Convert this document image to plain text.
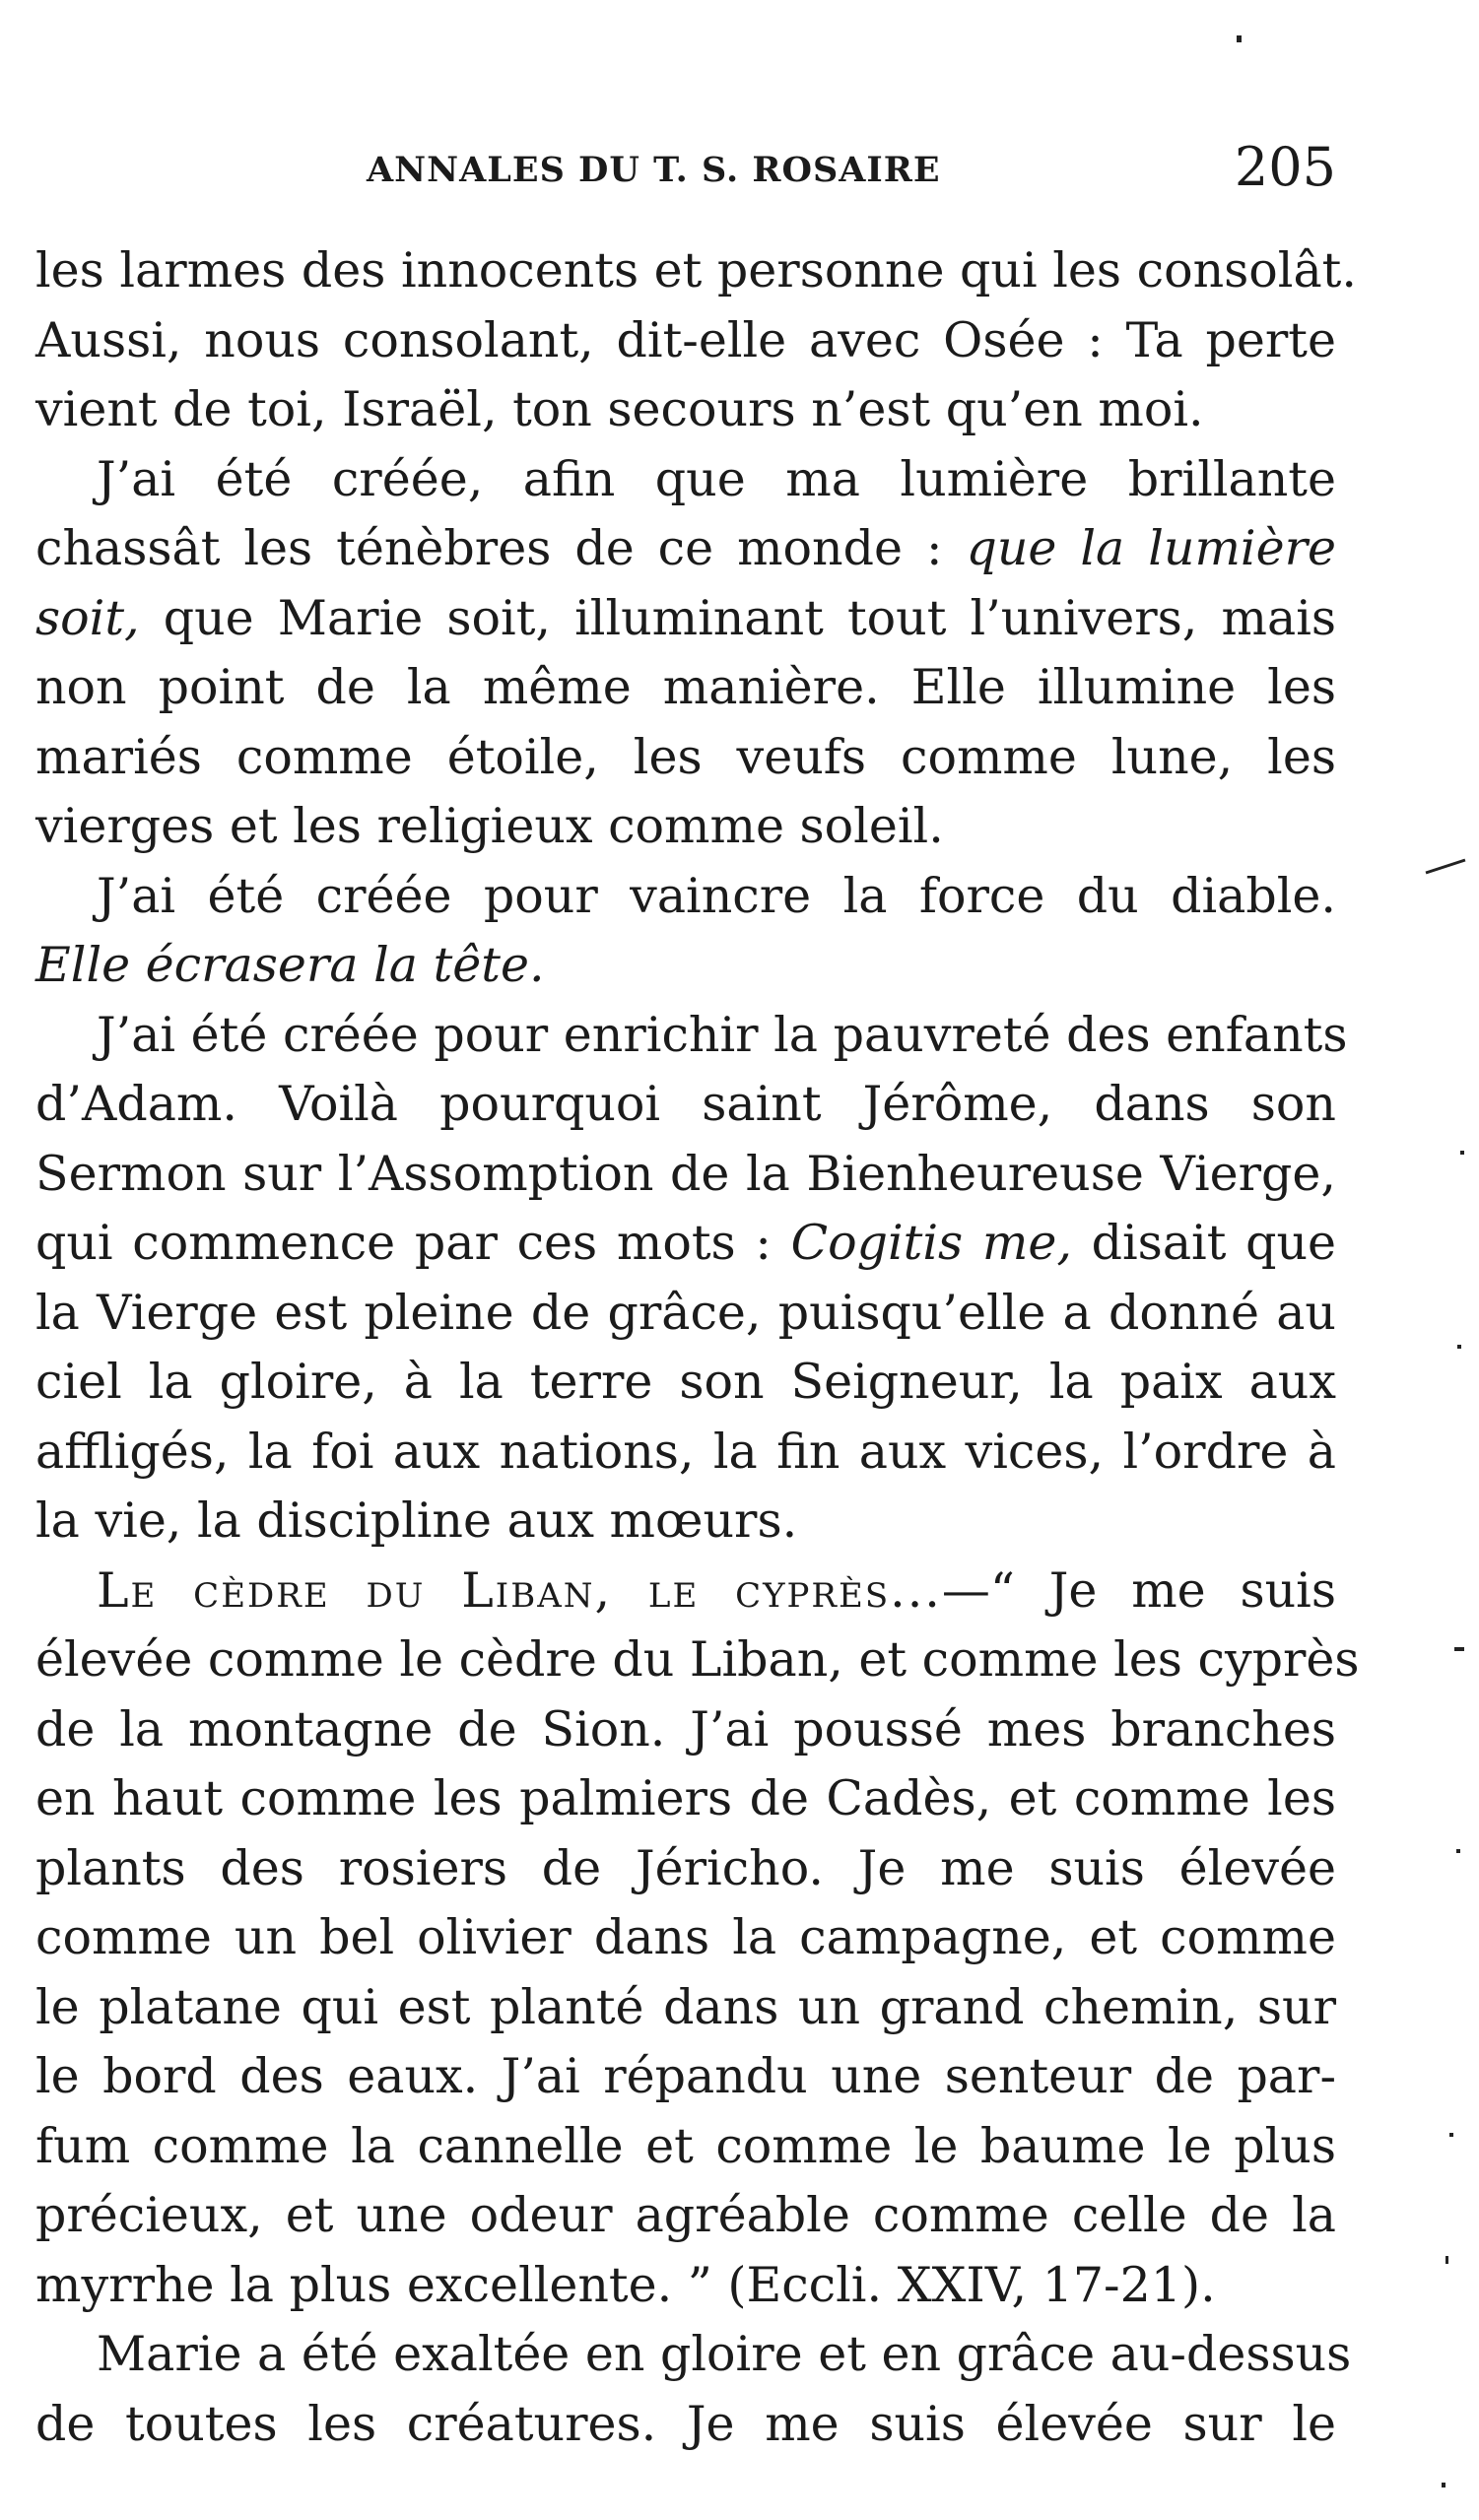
ANNALES DU T. S. ROSAIRE	205
les larmes des innocents et personne qui les consolât.
Aussi, nous consolant, dit-elle avec Osée : Ta perte
vient de toi, Israël, ton secours n’est qu’en moi.
J’ai été créée, afin que ma lumière brillante
chassât les ténèbres de ce monde : que la lumière
soit, que Marie soit, illuminant tout l’univers, mais
non point de la même manière. Elle illumine les
mariés comme étoile, les veufs comme lune, les
vierges et les religieux comme soleil.
J’ai été créée pour vaincre la force du diable.
Elle écrasera la tête.
J’ai été créée pour enrichir la pauvreté des enfants
d’Adam. Voilà pourquoi saint Jérôme, dans son
Sermon sur l’Assomption de la Bienheureuse Vierge,
qui commence par ces mots : Cogitis me, disait que
la Vierge est pleine de grâce, puisqu’elle a donné au
ciel la gloire, à la terre son Seigneur, la paix aux
affligés, la foi aux nations, la fin aux vices, l’ordre à
la vie, la discipline aux mœurs.
Le cèdre du Liban, le cyprès...—“ Je me suis
élevée comme le cèdre du Liban, et comme les cyprès
de la montagne de Sion. J’ai poussé mes branches
en haut comme les palmiers de Cadès, et comme les
plants des rosiers de Jéricho. Je me suis élevée
comme un bel olivier dans la campagne, et comme
le platane qui est planté dans un grand chemin, sur
le bord des eaux. J’ai répandu une senteur de par-
fum comme la cannelle et comme le baume le plus
précieux, et une odeur agréable comme celle de la
myrrhe la plus excellente. ” (Eccli. XXIV, 17-21).
Marie a été exaltée en gloire et en grâce au-dessus
de toutes les créatures. Je me suis élevée sur le
